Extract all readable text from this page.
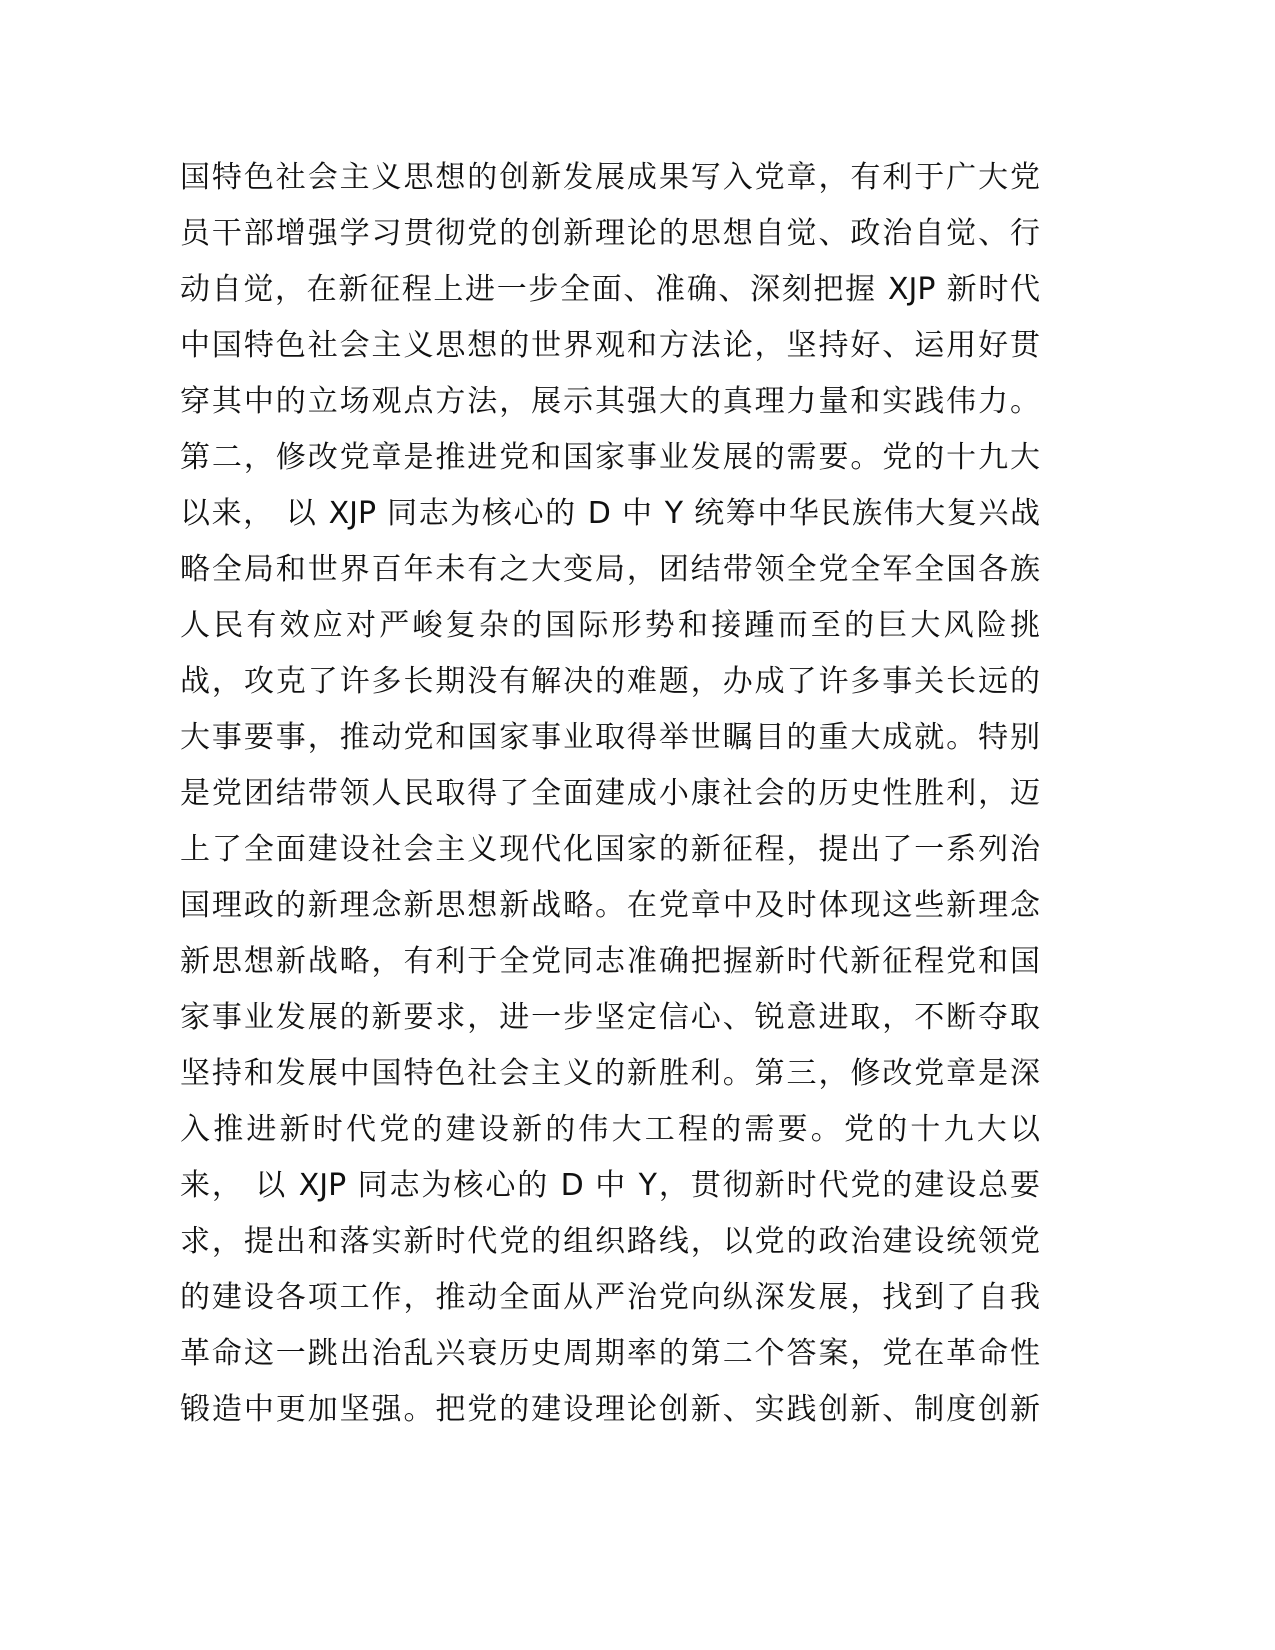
国特色社会主义思想的创新发展成果写入党章，有利于广大党
员干部增强学习贯彻党的创新理论的思想自觉、政治自觉、行
动自觉，在新征程上进一步全面、准确、深刻把握 XJP 新时代
中国特色社会主义思想的世界观和方法论，坚持好、运用好贯
穿其中的立场观点方法，展示其强大的真理力量和实践伟力。
第二，修改党章是推进党和国家事业发展的需要。党的十九大
以来， 以 XJP 同志为核心的 D 中 Y 统筹中华民族伟大复兴战
略全局和世界百年未有之大变局，团结带领全党全军全国各族
人民有效应对严峻复杂的国际形势和接踵而至的巨大风险挑
战，攻克了许多长期没有解决的难题，办成了许多事关长远的
大事要事，推动党和国家事业取得举世瞩目的重大成就。特别
是党团结带领人民取得了全面建成小康社会的历史性胜利，迈
上了全面建设社会主义现代化国家的新征程，提出了一系列治
国理政的新理念新思想新战略。在党章中及时体现这些新理念
新思想新战略，有利于全党同志准确把握新时代新征程党和国
家事业发展的新要求，进一步坚定信心、锐意进取，不断夺取
坚持和发展中国特色社会主义的新胜利。第三，修改党章是深
入推进新时代党的建设新的伟大工程的需要。党的十九大以
来， 以 XJP 同志为核心的 D 中 Y，贯彻新时代党的建设总要
求，提出和落实新时代党的组织路线，以党的政治建设统领党
的建设各项工作，推动全面从严治党向纵深发展，找到了自我
革命这一跳出治乱兴衰历史周期率的第二个答案，党在革命性
锻造中更加坚强。把党的建设理论创新、实践创新、制度创新
